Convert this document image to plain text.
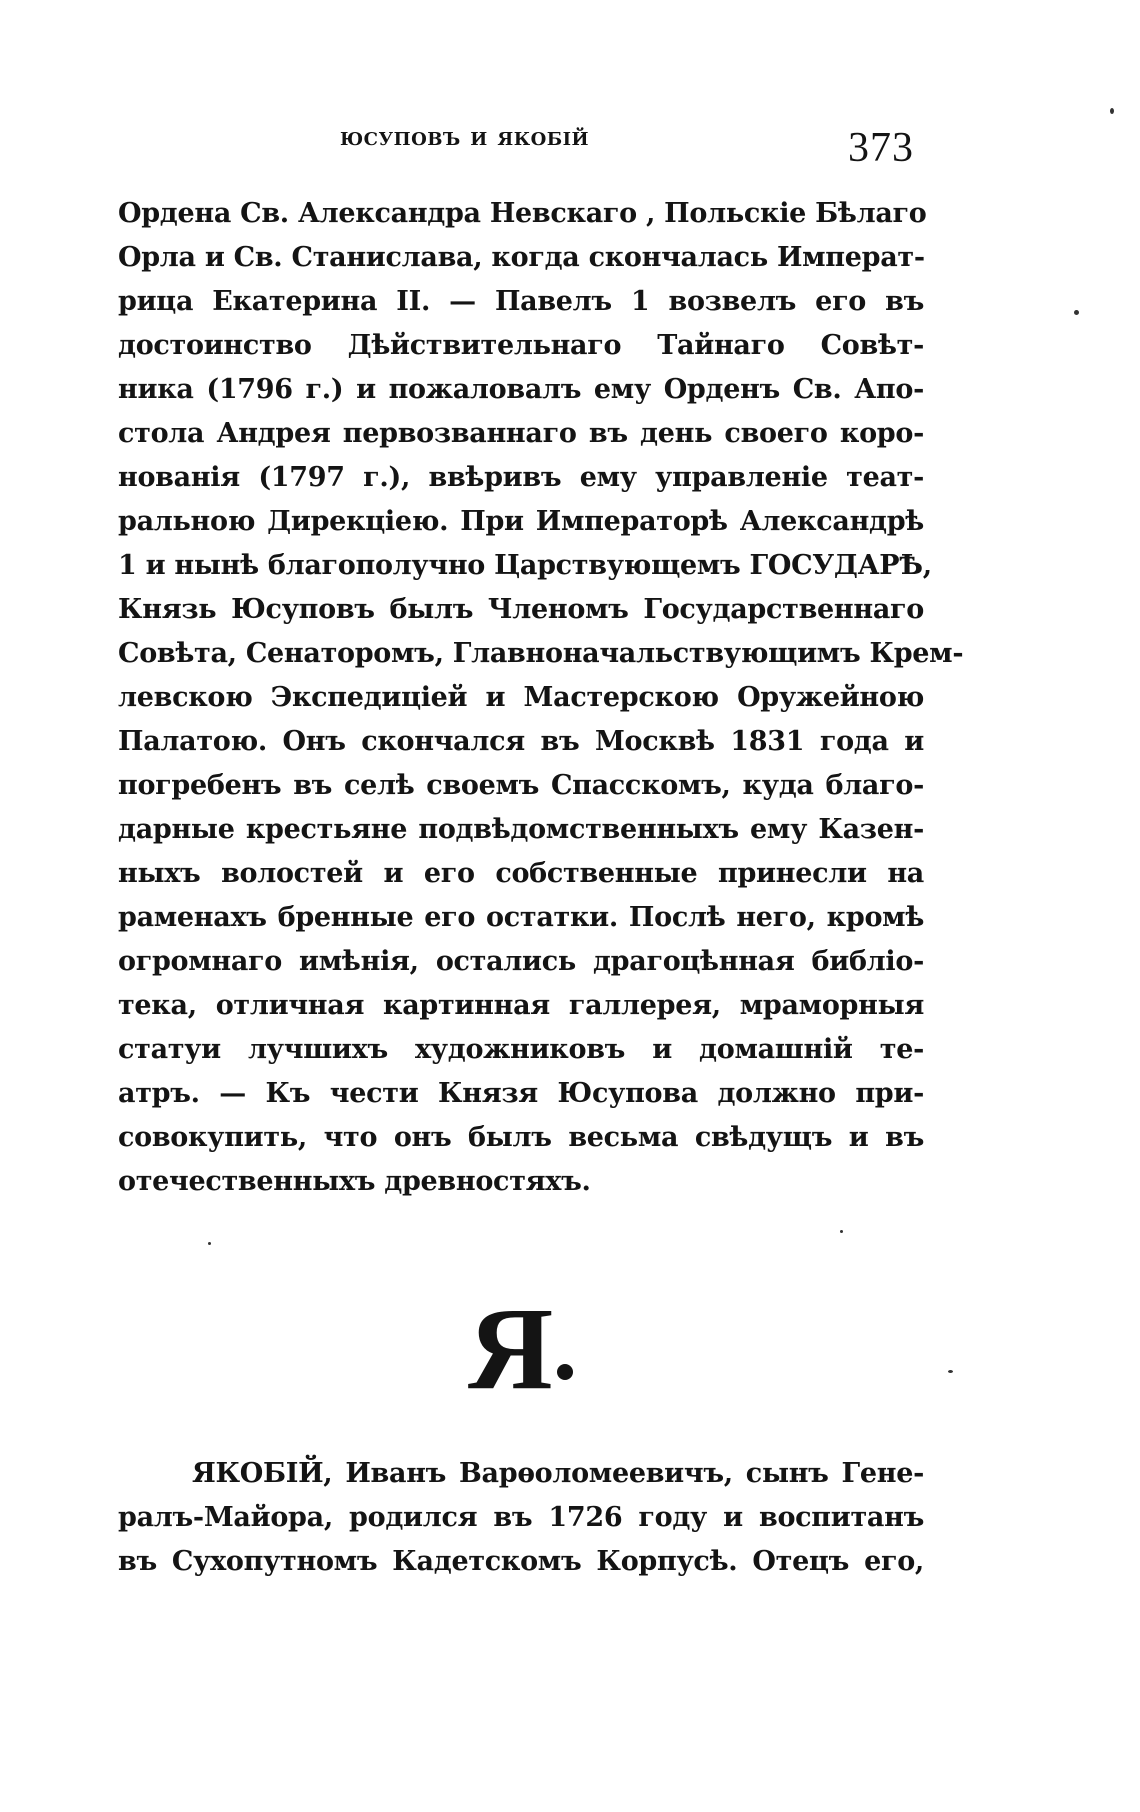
юсуповъ и якобій	373
Ордена Св. Александра Невскаго , Польскіе Бѣлаго
Орла и Св. Станислава, когда скончалась Императ-
рица Екатерина II. — Павелъ 1 возвелъ его въ
достоинство Дѣйствительнаго Тайнаго Совѣт-
ника (1796 г.) и пожаловалъ ему Орденъ Св. Апо-
стола Андрея первозваннаго въ день своего коро-
нованія (1797 г.), ввѣривъ ему управленіе теат-
ральною Дирекціею. При Императорѣ Александрѣ
1 и нынѣ благополучно Царствующемъ ГОСУДАРѢ,
Князь Юсуповъ былъ Членомъ Государственнаго
Совѣта, Сенаторомъ, Главноначальствующимъ Крем-
левскою Экспедиціей и Мастерскою Оружейною
Палатою. Онъ скончался въ Москвѣ 1831 года и
погребенъ въ селѣ своемъ Спасскомъ, куда благо-
дарные крестьяне подвѣдомственныхъ ему Казен-
ныхъ волостей и его собственные принесли на
раменахъ бренные его остатки. Послѣ него, кромѣ
огромнаго имѣнія, остались драгоцѣнная библіо-
тека, отличная картинная галлерея, мраморныя
статуи лучшихъ художниковъ и домашній те-
атръ. — Къ чести Князя Юсупова должно при-
совокупить, что онъ былъ весьма свѣдущъ и въ
отечественныхъ древностяхъ.
Я
ЯКОБІЙ, Иванъ Варѳоломеевичъ, сынъ Гене-
ралъ-Майора, родился въ 1726 году и воспитанъ
въ Сухопутномъ Кадетскомъ Корпусѣ. Отецъ его,
